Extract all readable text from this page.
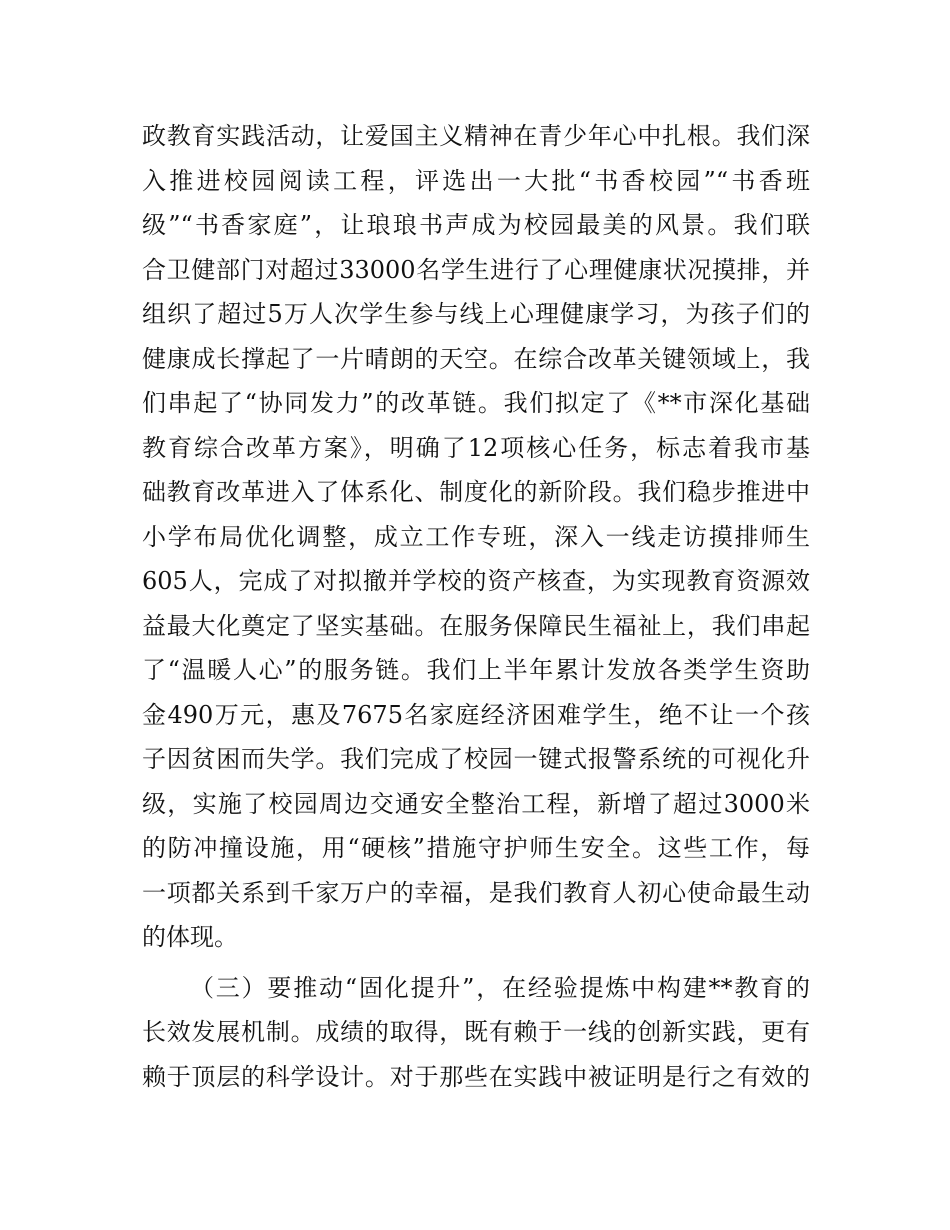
政教育实践活动，让爱国主义精神在青少年心中扎根。我们深
入推进校园阅读工程，评选出一大批“书香校园”“书香班
级”“书香家庭”，让琅琅书声成为校园最美的风景。我们联
合卫健部门对超过33000名学生进行了心理健康状况摸排，并
组织了超过5万人次学生参与线上心理健康学习，为孩子们的
健康成长撑起了一片晴朗的天空。在综合改革关键领域上，我
们串起了“协同发力”的改革链。我们拟定了《**市深化基础
教育综合改革方案》，明确了12项核心任务，标志着我市基
础教育改革进入了体系化、制度化的新阶段。我们稳步推进中
小学布局优化调整，成立工作专班，深入一线走访摸排师生
605人，完成了对拟撤并学校的资产核查，为实现教育资源效
益最大化奠定了坚实基础。在服务保障民生福祉上，我们串起
了“温暖人心”的服务链。我们上半年累计发放各类学生资助
金490万元，惠及7675名家庭经济困难学生，绝不让一个孩
子因贫困而失学。我们完成了校园一键式报警系统的可视化升
级，实施了校园周边交通安全整治工程，新增了超过3000米
的防冲撞设施，用“硬核”措施守护师生安全。这些工作，每
一项都关系到千家万户的幸福，是我们教育人初心使命最生动
的体现。
（三）要推动“固化提升”，在经验提炼中构建**教育的
长效发展机制。成绩的取得，既有赖于一线的创新实践，更有
赖于顶层的科学设计。对于那些在实践中被证明是行之有效的
